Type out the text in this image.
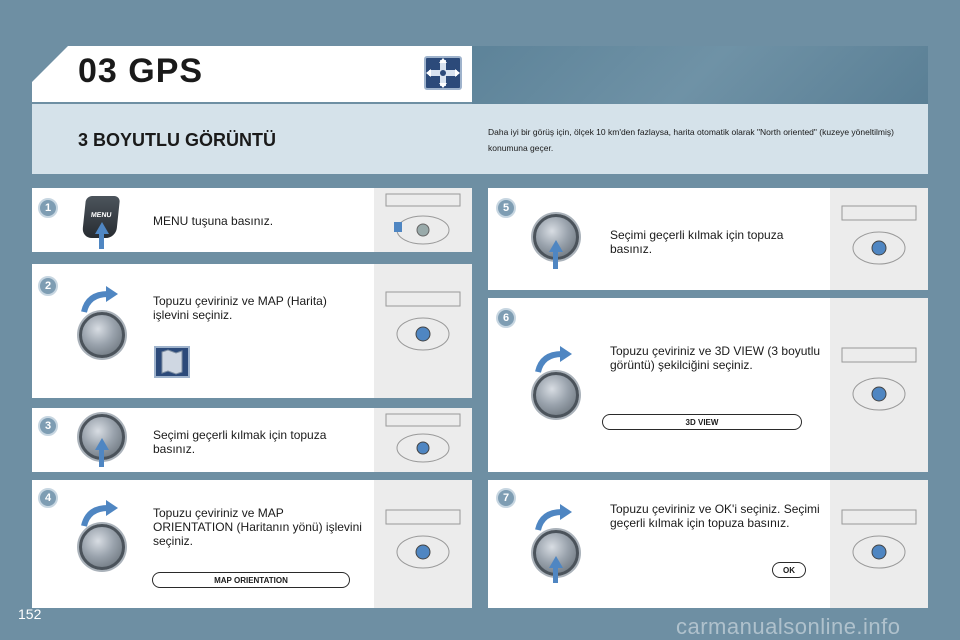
03 GPS
3 BOYUTLU GÖRÜNTÜ	Daha iyi bir görüş için, ölçek 10 km'den fazlaysa, harita otomatik olarak "North oriented" (kuzeye yöneltilmiş) konumuna geçer.
1
MENU	MENU tuşuna basınız.
2
Topuzu çeviriniz ve MAP (Harita) işlevini seçiniz.
3
Seçimi geçerli kılmak için topuza basınız.
4
Topuzu çeviriniz ve MAP ORIENTATION (Haritanın yönü) işlevini seçiniz.
MAP ORIENTATION
5
Seçimi geçerli kılmak için topuza basınız.
6
Topuzu çeviriniz ve 3D VIEW (3 boyutlu görüntü) şekilciğini seçiniz.
3D VIEW
7
Topuzu çeviriniz ve OK'i seçiniz. Seçimi geçerli kılmak için topuza basınız.
OK
152	carmanualsonline.info
